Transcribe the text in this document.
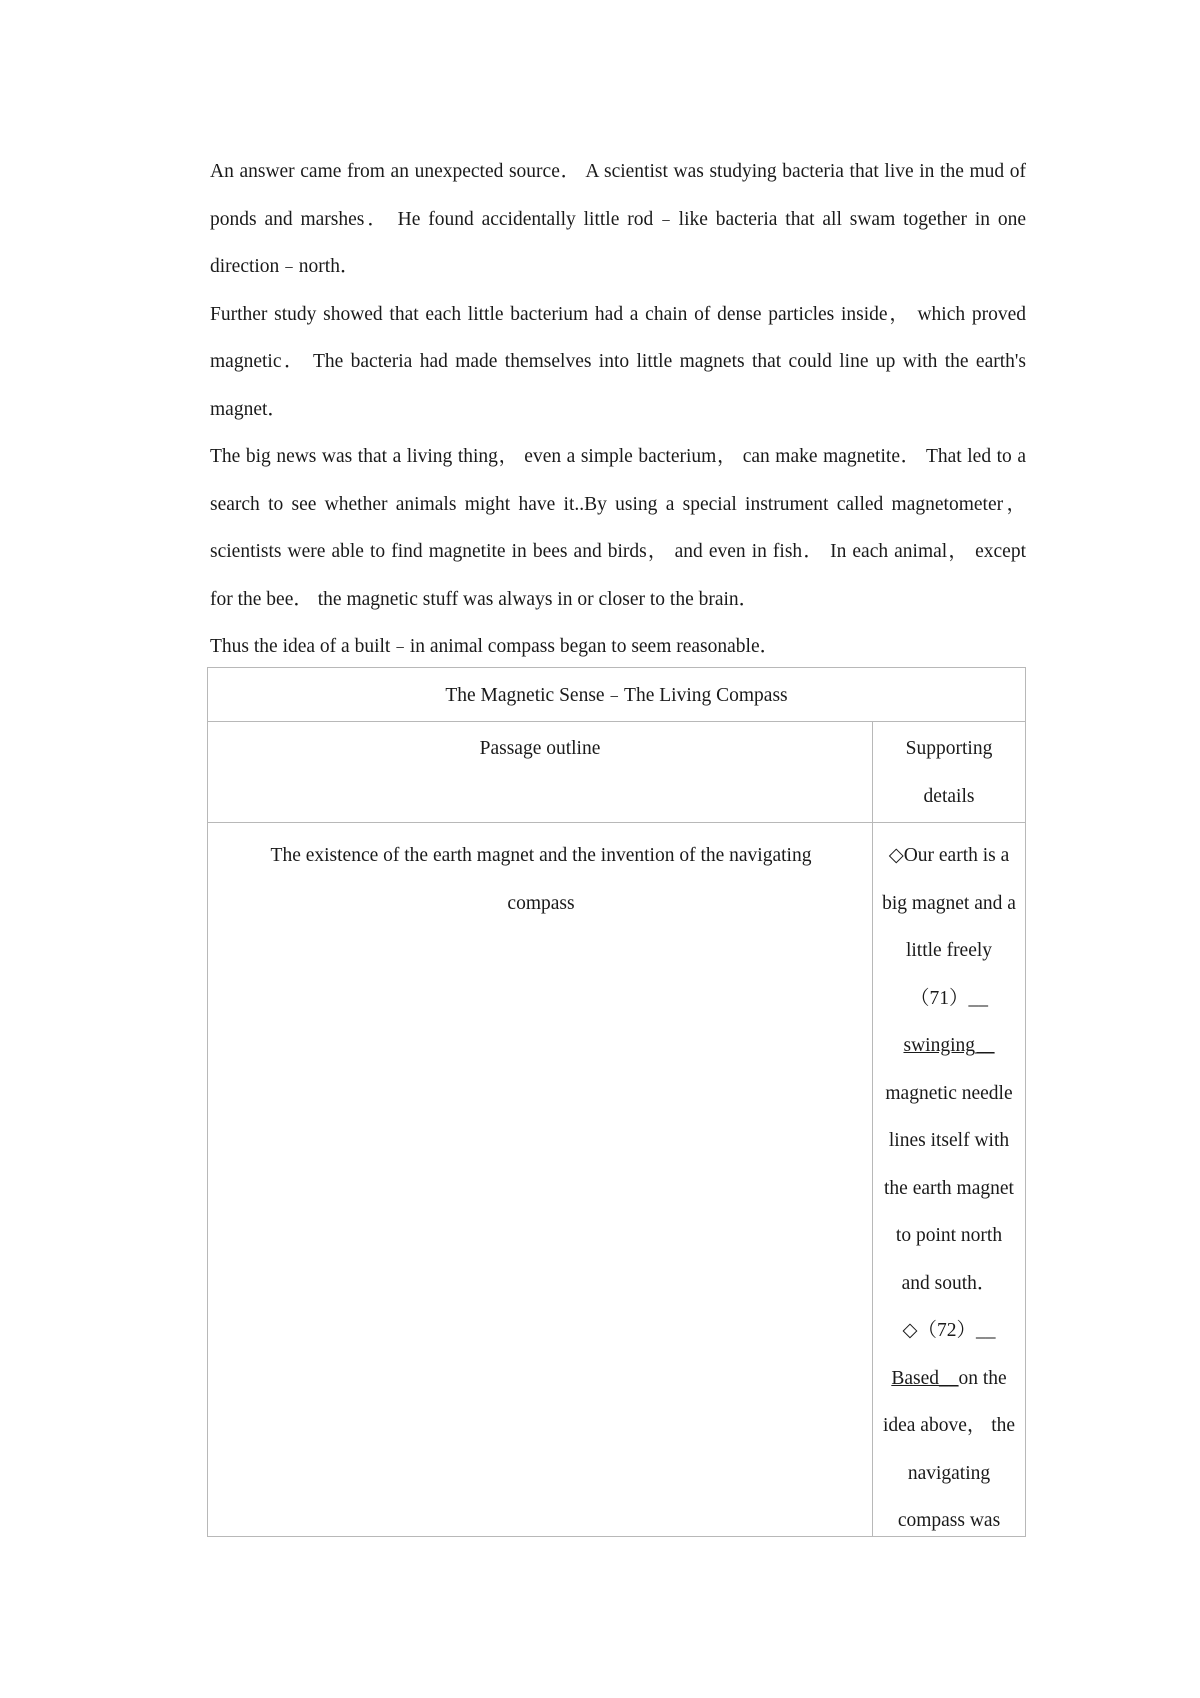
An answer came from an unexpected source． A scientist was studying bacteria that live in the mud of ponds and marshes． He found accidentally little rod﹣like bacteria that all swam together in one direction﹣north．

Further study showed that each little bacterium had a chain of dense particles inside， which proved magnetic． The bacteria had made themselves into little magnets that could line up with the earth's magnet．

The big news was that a living thing， even a simple bacterium， can make magnetite． That led to a search to see whether animals might have it..By using a special instrument called magnetometer， scientists were able to find magnetite in bees and birds， and even in fish． In each animal， except for the bee． the magnetic stuff was always in or closer to the brain．

Thus the idea of a built﹣in animal compass began to seem reasonable．

The Magnetic Sense﹣The Living Compass
Passage outline	Supporting
details
The existence of the earth magnet and the invention of the navigating
compass
◇Our earth is a
big magnet and a
little freely
（71）__
swinging__
magnetic needle
lines itself with
the earth magnet
to point north
and south．
◇（72）__
Based__on the
idea above， the
navigating
compass was
